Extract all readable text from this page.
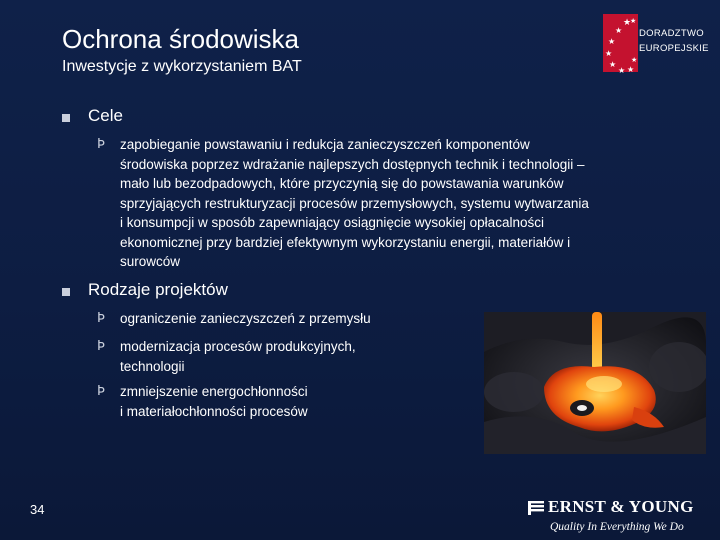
Ochrona środowiska
Inwestycje z wykorzystaniem BAT
★
★
★
★
★
★
★ ★
★
DORADZTWO
EUROPEJSKIE
Cele
Þ zapobieganie powstawaniu i redukcja zanieczyszczeń komponentów
środowiska poprzez wdrażanie najlepszych dostępnych technik i technologii –
mało lub bezodpadowych, które przyczynią się do powstawania warunków
sprzyjających restrukturyzacji procesów przemysłowych, systemu wytwarzania
i konsumpcji w sposób zapewniający osiągnięcie wysokiej opłacalności
ekonomicznej przy bardziej efektywnym wykorzystaniu energii, materiałów i
surowców
Rodzaje projektów
Þ ograniczenie zanieczyszczeń z przemysłu
Þ modernizacja procesów produkcyjnych,
technologii
Þ zmniejszenie energochłonności
i materiałochłonności procesów
34	ERNST & YOUNG
Quality In Everything We Do
